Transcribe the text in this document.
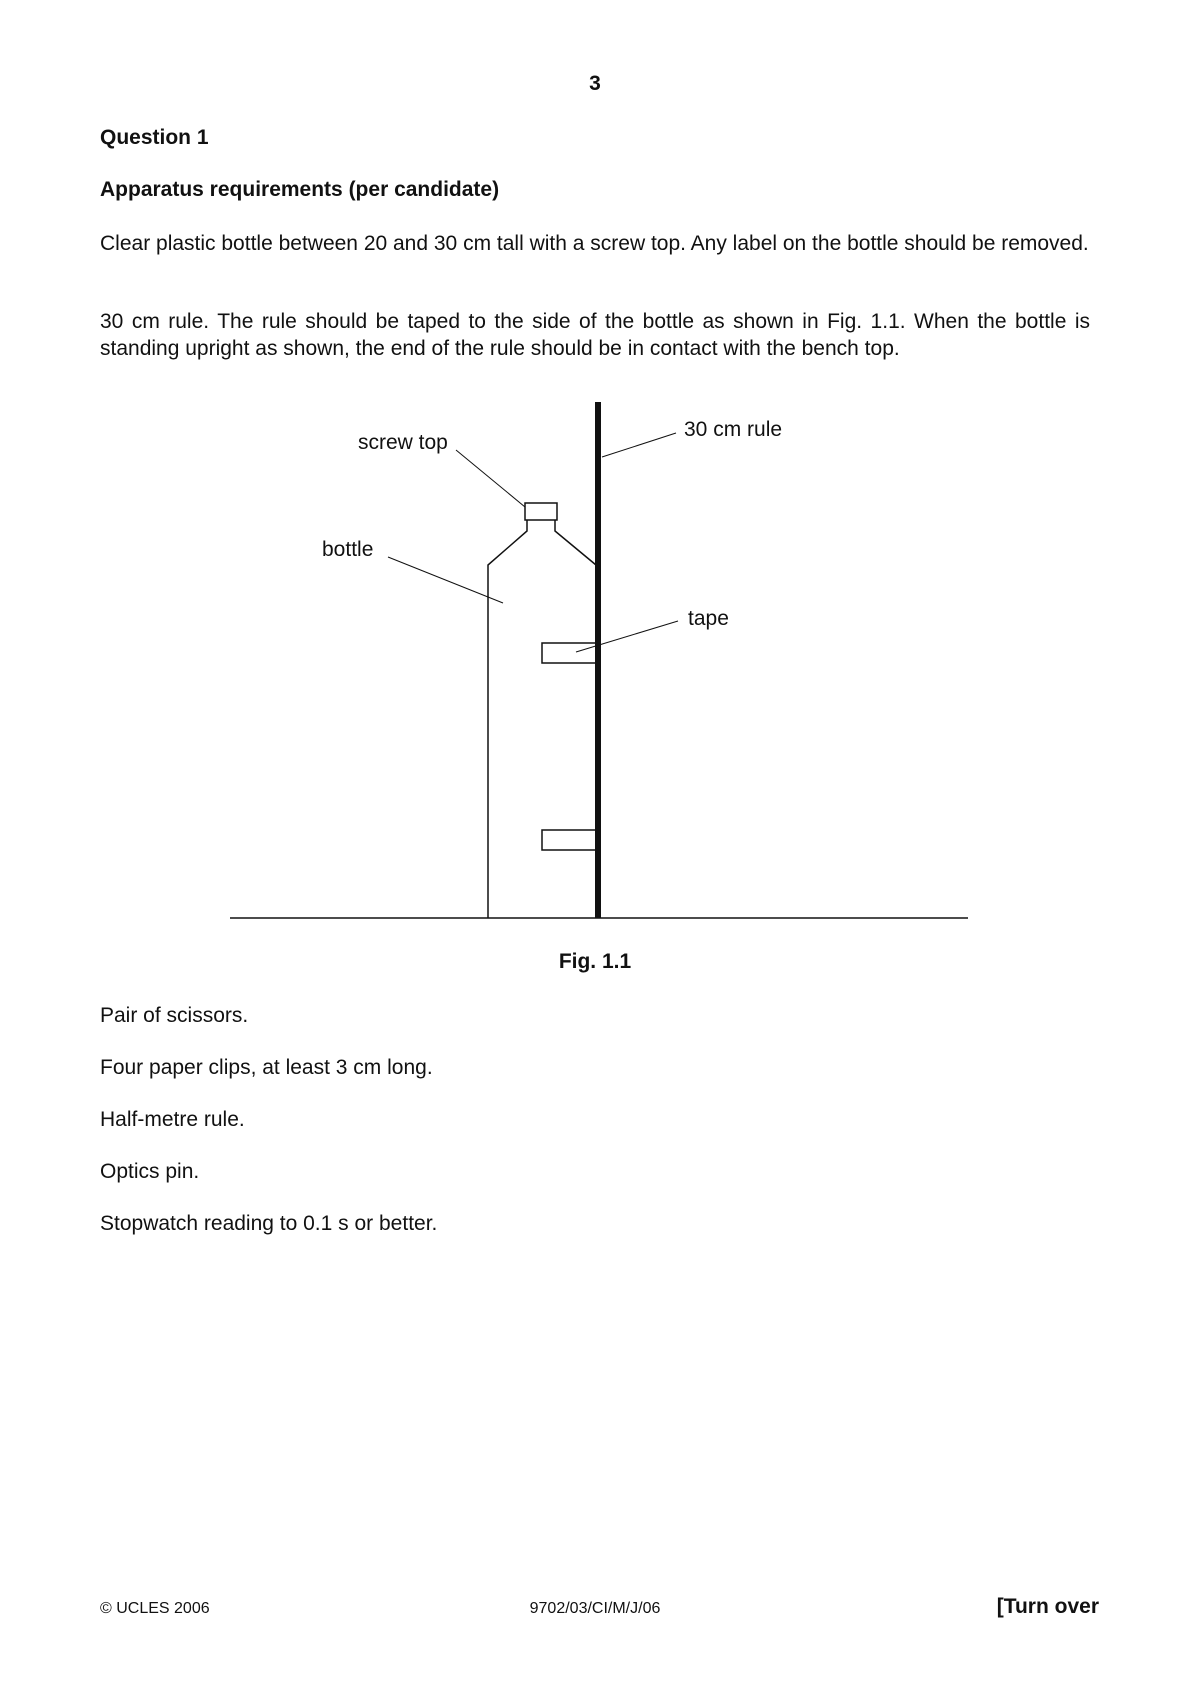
3
Question 1
Apparatus requirements (per candidate)
Clear plastic bottle between 20 and 30 cm tall with a screw top. Any label on the bottle should be removed.
30 cm rule. The rule should be taped to the side of the bottle as shown in Fig. 1.1. When the bottle is standing upright as shown, the end of the rule should be in contact with the bench top.
screw top
30 cm rule
bottle
tape
Fig. 1.1
Pair of scissors.
Four paper clips, at least 3 cm long.
Half-metre rule.
Optics pin.
Stopwatch reading to 0.1 s or better.
© UCLES 2006	9702/03/CI/M/J/06	[Turn over
